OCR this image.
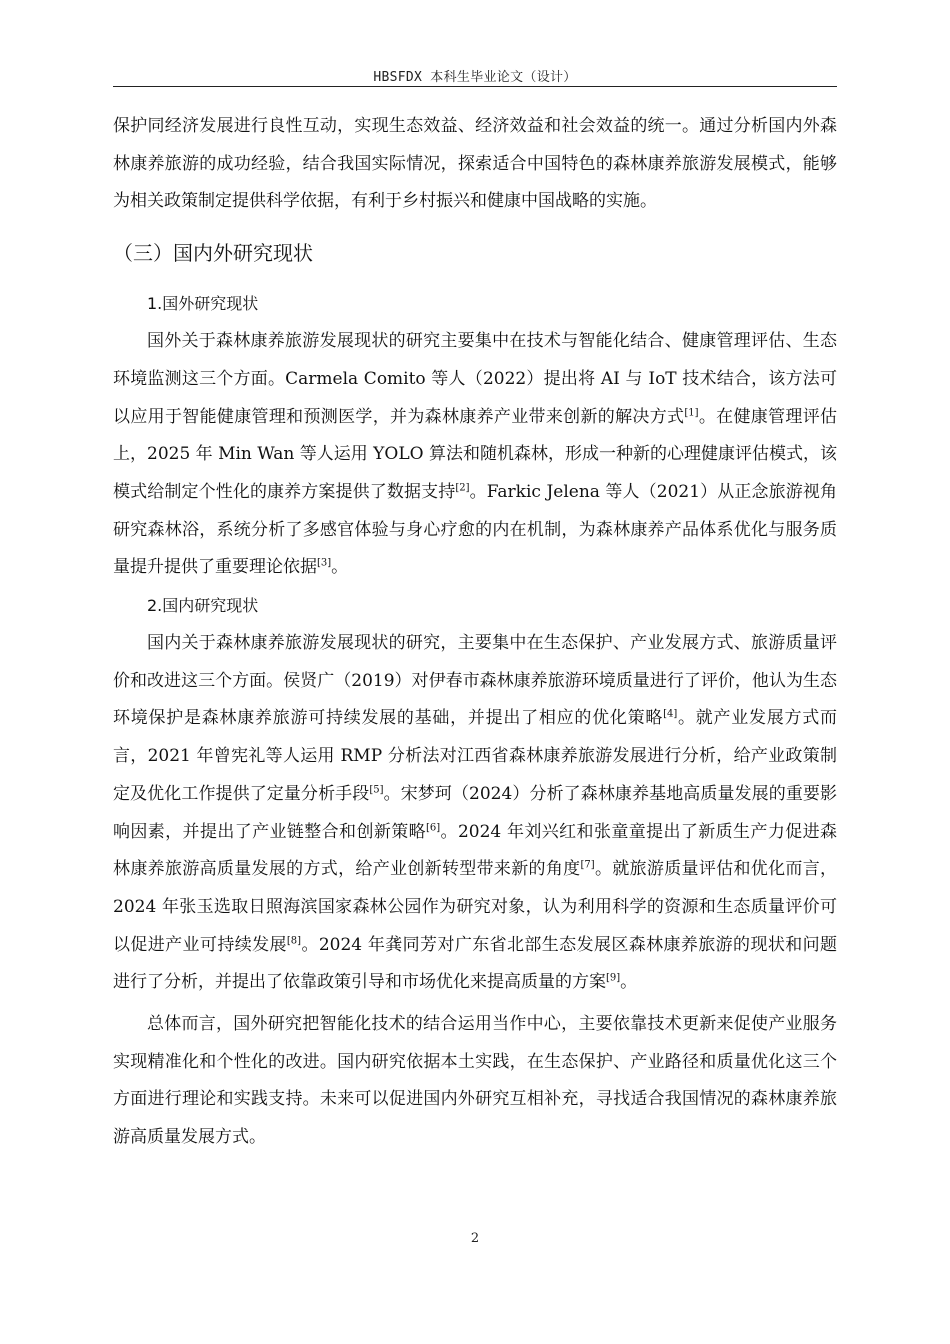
HBSFDX 本科生毕业论文（设计）

保护同经济发展进行良性互动，实现生态效益、经济效益和社会效益的统一。通过分析国内外森林康养旅游的成功经验，结合我国实际情况，探索适合中国特色的森林康养旅游发展模式，能够为相关政策制定提供科学依据，有利于乡村振兴和健康中国战略的实施。

（三）国内外研究现状
1.国外研究现状

国外关于森林康养旅游发展现状的研究主要集中在技术与智能化结合、健康管理评估、生态环境监测这三个方面。Carmela Comito 等人（2022）提出将 AI 与 IoT 技术结合，该方法可以应用于智能健康管理和预测医学，并为森林康养产业带来创新的解决方式[1]。在健康管理评估上，2025 年 Min Wan 等人运用 YOLO 算法和随机森林，形成一种新的心理健康评估模式，该模式给制定个性化的康养方案提供了数据支持[2]。Farkic Jelena 等人（2021）从正念旅游视角研究森林浴，系统分析了多感官体验与身心疗愈的内在机制，为森林康养产品体系优化与服务质量提升提供了重要理论依据[3]。

2.国内研究现状

国内关于森林康养旅游发展现状的研究，主要集中在生态保护、产业发展方式、旅游质量评价和改进这三个方面。侯贤广（2019）对伊春市森林康养旅游环境质量进行了评价，他认为生态环境保护是森林康养旅游可持续发展的基础，并提出了相应的优化策略[4]。就产业发展方式而言，2021 年曾宪礼等人运用 RMP 分析法对江西省森林康养旅游发展进行分析，给产业政策制定及优化工作提供了定量分析手段[5]。宋梦珂（2024）分析了森林康养基地高质量发展的重要影响因素，并提出了产业链整合和创新策略[6]。2024 年刘兴红和张童童提出了新质生产力促进森林康养旅游高质量发展的方式，给产业创新转型带来新的角度[7]。就旅游质量评估和优化而言，2024 年张玉选取日照海滨国家森林公园作为研究对象，认为利用科学的资源和生态质量评价可以促进产业可持续发展[8]。2024 年龚同芳对广东省北部生态发展区森林康养旅游的现状和问题进行了分析，并提出了依靠政策引导和市场优化来提高质量的方案[9]。

总体而言，国外研究把智能化技术的结合运用当作中心，主要依靠技术更新来促使产业服务实现精准化和个性化的改进。国内研究依据本土实践，在生态保护、产业路径和质量优化这三个方面进行理论和实践支持。未来可以促进国内外研究互相补充，寻找适合我国情况的森林康养旅游高质量发展方式。

2
